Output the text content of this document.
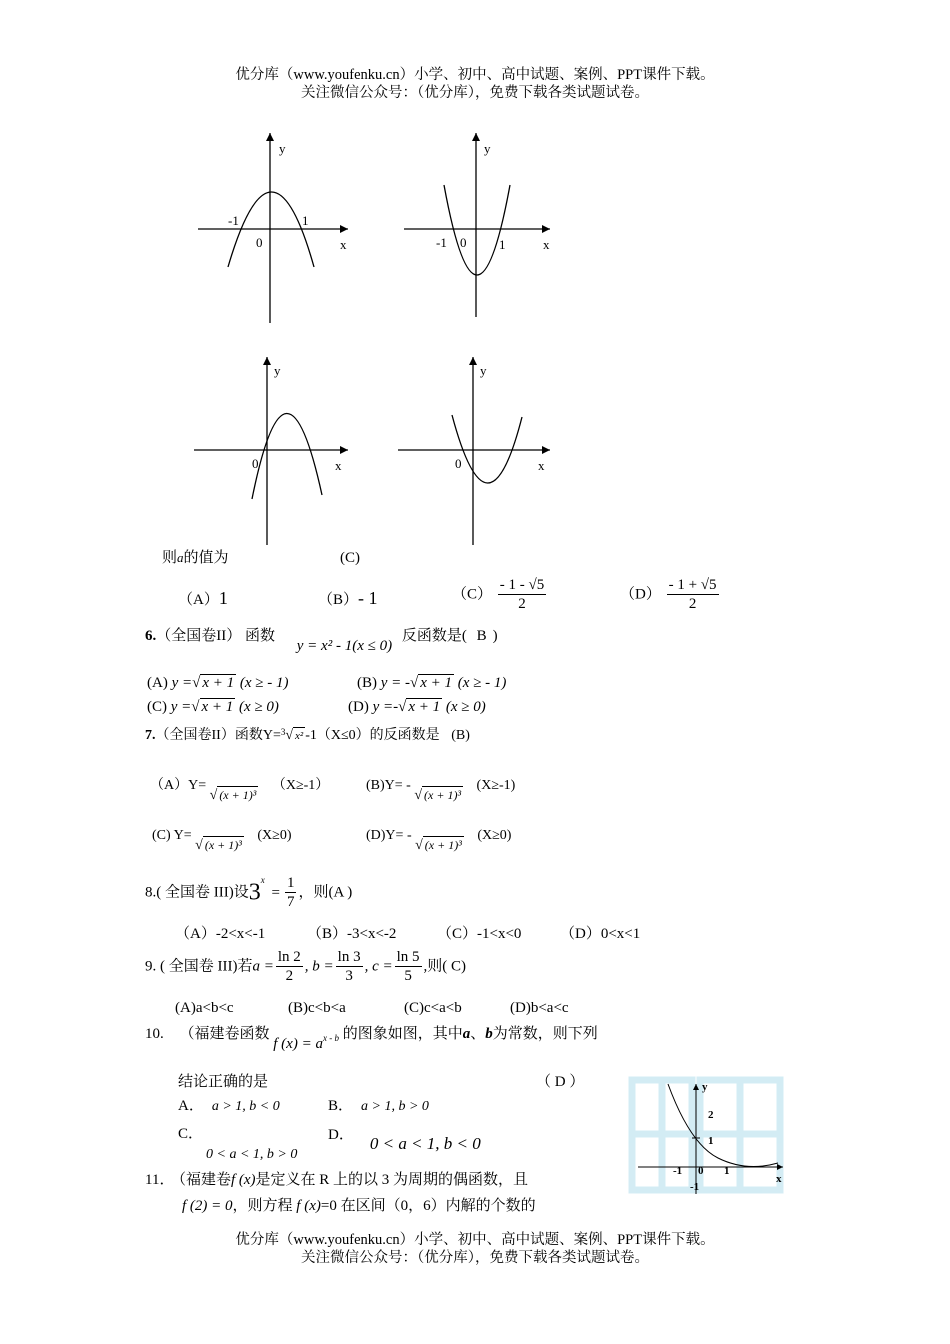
优分库（www.youfenku.cn）小学、初中、高中试题、案例、PPT课件下载。
关注微信公众号：（优分库），免费下载各类试题试卷。
y
x
0
-1	1
y
x
0
-1	1
y
x
0
y
x
0
则a的值为	(C)
（A）1	（B）- 1	$(C) \frac{- 1 - √5}{2}$	$(D) \frac{- 1 + √5}{2}$
6.（全国卷II） 函数 y = x² - 1(x ≤ 0) 反函数是( B )
(A) y =√ x + 1 (x ≥ - 1)	(B) y = -√ x + 1 (x ≥ - 1)
(C) y =√ x + 1 (x ≥ 0)	(D) y =-√ x + 1 (x ≥ 0)
7.（全国卷II）函数Y=$^3$√ x² -1（X≤0）的反函数是 (B)
（A）Y= √ (x + 1)³ （X≥-1）	(B)Y= - √ (x + 1)³ (X≥-1)
(C) Y= √ (x + 1)³ (X≥0)	(D)Y= - √ (x + 1)³ (X≥0)
8.( 全国卷 III)设$3^x = \frac{1}{7}$ ，则(A )
（A）-2<x<-1	（B）-3<x<-2	（C）-1<x<0	（D）0<x<1
9. ( 全国卷 III)若$a = \frac{\ln 2}{2}$ , $b = \frac{\ln 3}{3}$ , $c = \frac{\ln 5}{5}$ ,则( C)
(A)a<b<c	(B)c<b<a	(C)c<a<b	(D)b<a<c
10. （福建卷函数 f $(x) = a^{x - b}$ 的图象如图，其中a、b为常数，则下列
结论正确的是	（ D ）
A． a > 1, b < 0	B． a > 1, b > 0
C．
0 < a < 1, b > 0
D． 0 < a < 1, b < 0
y
x
2
1
-1 0 1
-1
11． （福建卷f (x)是定义在 R 上的以 3 为周期的偶函数，且
f (2) = 0，则方程 f (x)=0 在区间（0，6）内解的个数的
优分库（www.youfenku.cn）小学、初中、高中试题、案例、PPT课件下载。
关注微信公众号：（优分库），免费下载各类试题试卷。
